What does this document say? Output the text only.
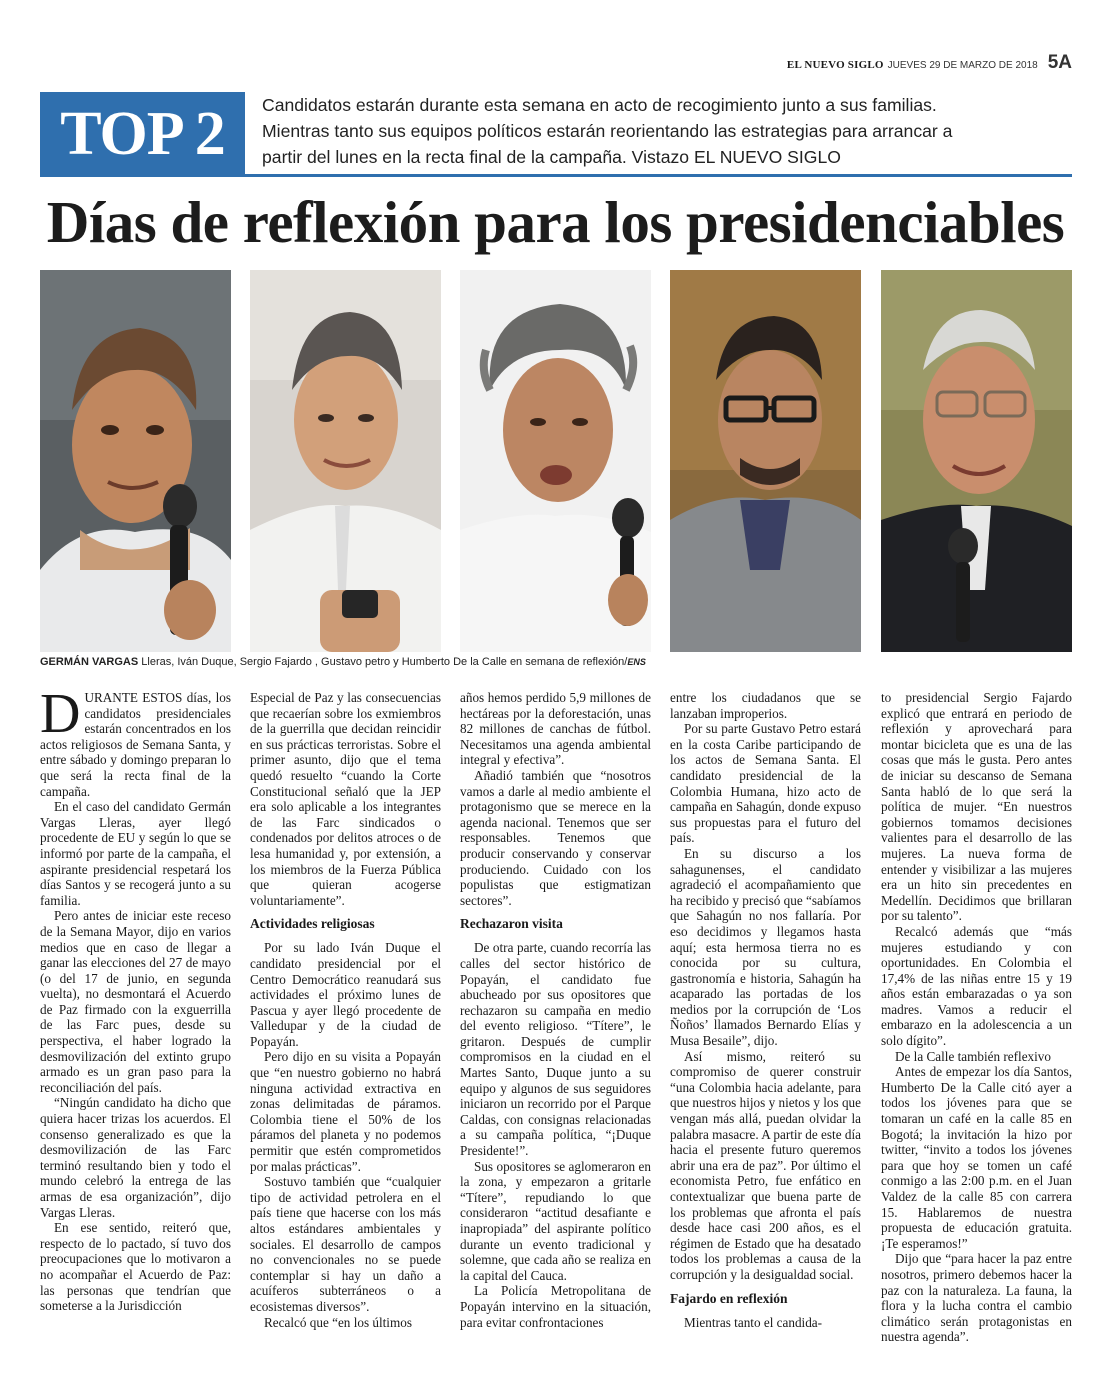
EL NUEVO SIGLO JUEVES 29 DE MARZO DE 2018 5A
TOP 2	Candidatos estarán durante esta semana en acto de recogimiento junto a sus familias.

Mientras tanto sus equipos políticos estarán reorientando las estrategias para arrancar a

partir del lunes en la recta final de la campaña. Vistazo EL NUEVO SIGLO

Días de reflexión para los presidenciables
GERMÁN VARGAS Lleras, Iván Duque, Sergio Fajardo , Gustavo petro y Humberto De la Calle en semana de reflexión/ENS

DURANTE ESTOS días, los candidatos presidenciales estarán concentrados en los actos religiosos de Semana Santa, y entre sábado y domingo preparan lo que será la recta final de la campaña.

En el caso del candidato Germán Vargas Lleras, ayer llegó procedente de EU y según lo que se informó por parte de la campaña, el aspirante presidencial respetará los días Santos y se recogerá junto a su familia.

Pero antes de iniciar este receso de la Semana Mayor, dijo en varios medios que en caso de llegar a ganar las elecciones del 27 de mayo (o del 17 de junio, en segunda vuelta), no desmontará el Acuerdo de Paz firmado con la exguerrilla de las Farc pues, desde su perspectiva, el haber logrado la desmovilización del extinto grupo armado es un gran paso para la reconciliación del país.

“Ningún candidato ha dicho que quiera hacer trizas los acuerdos. El consenso generalizado es que la desmovilización de las Farc terminó resultando bien y todo el mundo celebró la entrega de las armas de esa organización”, dijo Vargas Lleras.

En ese sentido, reiteró que, respecto de lo pactado, sí tuvo dos preocupaciones que lo motivaron a no acompañar el Acuerdo de Paz: las personas que tendrían que someterse a la Jurisdicción

Especial de Paz y las consecuencias que recaerían sobre los exmiembros de la guerrilla que decidan reincidir en sus prácticas terroristas. Sobre el primer asunto, dijo que el tema quedó resuelto “cuando la Corte Constitucional señaló que la JEP era solo aplicable a los integrantes de las Farc sindicados o condenados por delitos atroces o de lesa humanidad y, por extensión, a los miembros de la Fuerza Pública que quieran acogerse voluntariamente”.

Actividades religiosas

Por su lado Iván Duque el candidato presidencial por el Centro Democrático reanudará sus actividades el próximo lunes de Pascua y ayer llegó procedente de Valledupar y de la ciudad de Popayán.

Pero dijo en su visita a Popayán que “en nuestro gobierno no habrá ninguna actividad extractiva en zonas delimitadas de páramos. Colombia tiene el 50% de los páramos del planeta y no podemos permitir que estén comprometidos por malas prácticas”.

Sostuvo también que “cualquier tipo de actividad petrolera en el país tiene que hacerse con los más altos estándares ambientales y sociales. El desarrollo de campos no convencionales no se puede contemplar si hay un daño a acuíferos subterráneos o a ecosistemas diversos”.

Recalcó que “en los últimos

años hemos perdido 5,9 millones de hectáreas por la deforestación, unas 82 millones de canchas de fútbol. Necesitamos una agenda ambiental integral y efectiva”.

Añadió también que “nosotros vamos a darle al medio ambiente el protagonismo que se merece en la agenda nacional. Tenemos que ser responsables. Tenemos que producir conservando y conservar produciendo. Cuidado con los populistas que estigmatizan sectores”.

Rechazaron visita

De otra parte, cuando recorría las calles del sector histórico de Popayán, el candidato fue abucheado por sus opositores que rechazaron su campaña en medio del evento religioso. “Títere”, le gritaron. Después de cumplir compromisos en la ciudad en el Martes Santo, Duque junto a su equipo y algunos de sus seguidores iniciaron un recorrido por el Parque Caldas, con consignas relacionadas a su campaña política, “¡Duque Presidente!”.

Sus opositores se aglomeraron en la zona, y empezaron a gritarle “Títere”, repudiando lo que consideraron “actitud desafiante e inapropiada” del aspirante político durante un evento tradicional y solemne, que cada año se realiza en la capital del Cauca.

La Policía Metropolitana de Popayán intervino en la situación, para evitar confrontaciones

entre los ciudadanos que se lanzaban improperios.

Por su parte Gustavo Petro estará en la costa Caribe participando de los actos de Semana Santa. El candidato presidencial de la Colombia Humana, hizo acto de campaña en Sahagún, donde expuso sus propuestas para el futuro del país.

En su discurso a los sahagunenses, el candidato agradeció el acompañamiento que ha recibido y precisó que “sabíamos que Sahagún no nos fallaría. Por eso decidimos y llegamos hasta aquí; esta hermosa tierra no es conocida por su cultura, gastronomía e historia, Sahagún ha acaparado las portadas de los medios por la corrupción de ‘Los Ñoños’ llamados Bernardo Elías y Musa Besaile”, dijo.

Así mismo, reiteró su compromiso de querer construir “una Colombia hacia adelante, para que nuestros hijos y nietos y los que vengan más allá, puedan olvidar la palabra masacre. A partir de este día hacia el presente futuro queremos abrir una era de paz”. Por último el economista Petro, fue enfático en contextualizar que buena parte de los problemas que afronta el país desde hace casi 200 años, es el régimen de Estado que ha desatado todos los problemas a causa de la corrupción y la desigualdad social.

Fajardo en reflexión

Mientras tanto el candida-

to presidencial Sergio Fajardo explicó que entrará en periodo de reflexión y aprovechará para montar bicicleta que es una de las cosas que más le gusta. Pero antes de iniciar su descanso de Semana Santa habló de lo que será la política de mujer. “En nuestros gobiernos tomamos decisiones valientes para el desarrollo de las mujeres. La nueva forma de entender y visibilizar a las mujeres era un hito sin precedentes en Medellín. Decidimos que brillaran por su talento”.

Recalcó además que “más mujeres estudiando y con oportunidades. En Colombia el 17,4% de las niñas entre 15 y 19 años están embarazadas o ya son madres. Vamos a reducir el embarazo en la adolescencia a un solo dígito”.

De la Calle también reflexivo

Antes de empezar los día Santos, Humberto De la Calle citó ayer a todos los jóvenes para que se tomaran un café en la calle 85 en Bogotá; la invitación la hizo por twitter, “invito a todos los jóvenes para que hoy se tomen un café conmigo a las 2:00 p.m. en el Juan Valdez de la calle 85 con carrera 15. Hablaremos de nuestra propuesta de educación gratuita. ¡Te esperamos!”

Dijo que “para hacer la paz entre nosotros, primero debemos hacer la paz con la naturaleza. La fauna, la flora y la lucha contra el cambio climático serán protagonistas en nuestra agenda”.
